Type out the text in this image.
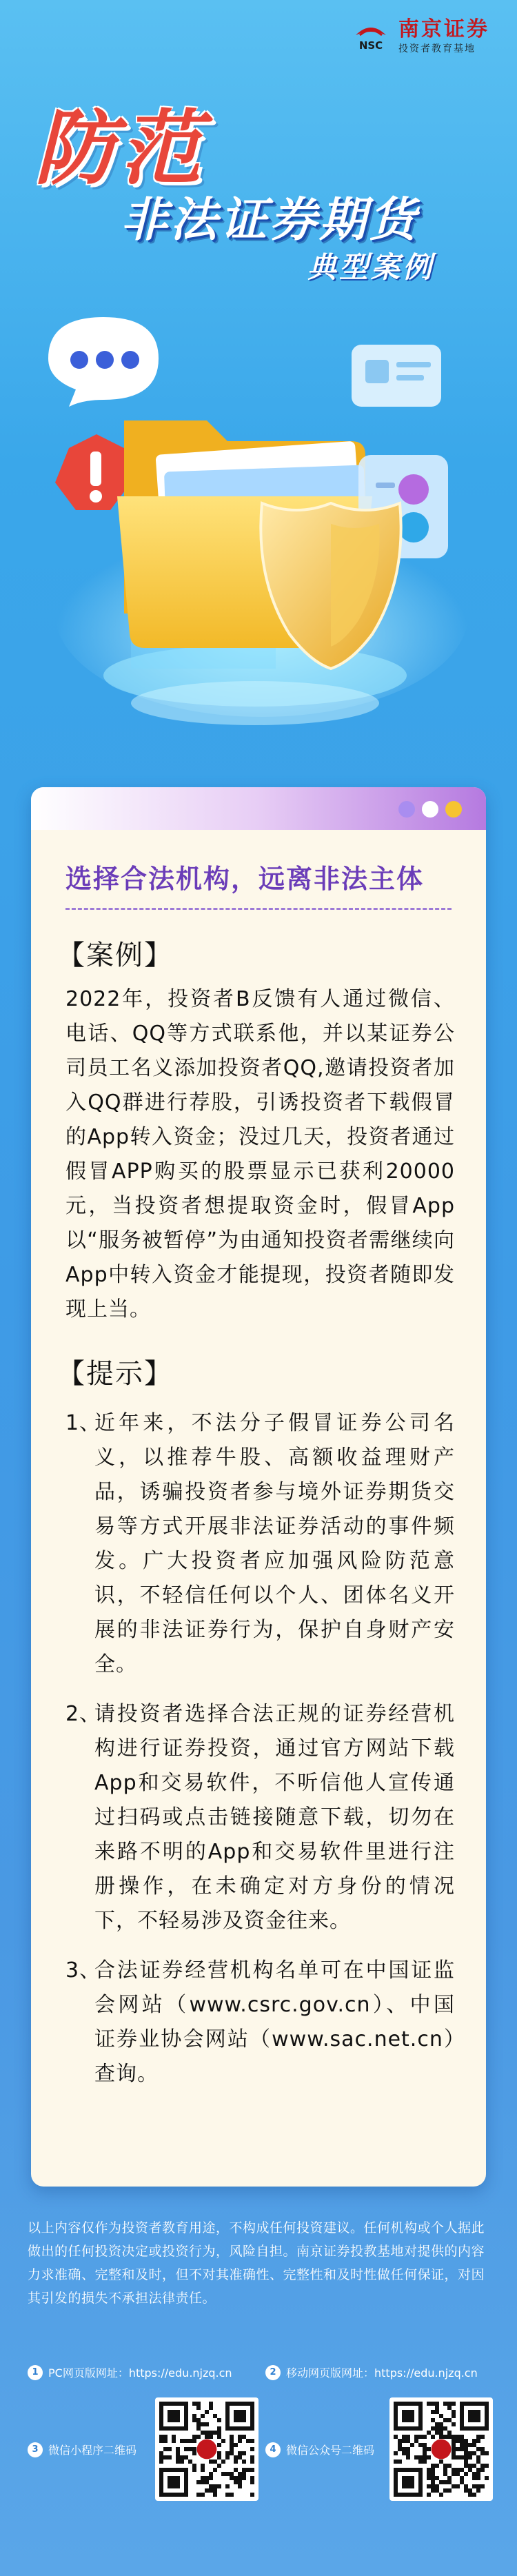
NSC
南京证券
投资者教育基地
防范
非法证券期货
典型案例
选择合法机构，远离非法主体
【案例】
2022年，投资者B反馈有人通过微信、电话、QQ等方式联系他，并以某证券公司员工名义添加投资者QQ,邀请投资者加入QQ群进行荐股，引诱投资者下载假冒的App转入资金；没过几天，投资者通过假冒APP购买的股票显示已获利20000元，当投资者想提取资金时，假冒App以“服务被暂停”为由通知投资者需继续向App中转入资金才能提现，投资者随即发现上当。
【提示】
1、
近年来，不法分子假冒证券公司名义，以推荐牛股、高额收益理财产品，诱骗投资者参与境外证券期货交易等方式开展非法证券活动的事件频发。广大投资者应加强风险防范意识，不轻信任何以个人、团体名义开展的非法证券行为，保护自身财产安全。
2、
请投资者选择合法正规的证券经营机构进行证券投资，通过官方网站下载App和交易软件，不听信他人宣传通过扫码或点击链接随意下载，切勿在来路不明的App和交易软件里进行注册操作，在未确定对方身份的情况下，不轻易涉及资金往来。
3、
合法证券经营机构名单可在中国证监会网站（www.csrc.gov.cn）、中国证券业协会网站（www.sac.net.cn）查询。
以上内容仅作为投资者教育用途，不构成任何投资建议。任何机构或个人据此做出的任何投资决定或投资行为，风险自担。南京证券投教基地对提供的内容力求准确、完整和及时，但不对其准确性、完整性和及时性做任何保证，对因其引发的损失不承担法律责任。
1 PC网页版网址：https://edu.njzq.cn	2 移动网页版网址：https://edu.njzq.cn
3 微信小程序二维码	4 微信公众号二维码
